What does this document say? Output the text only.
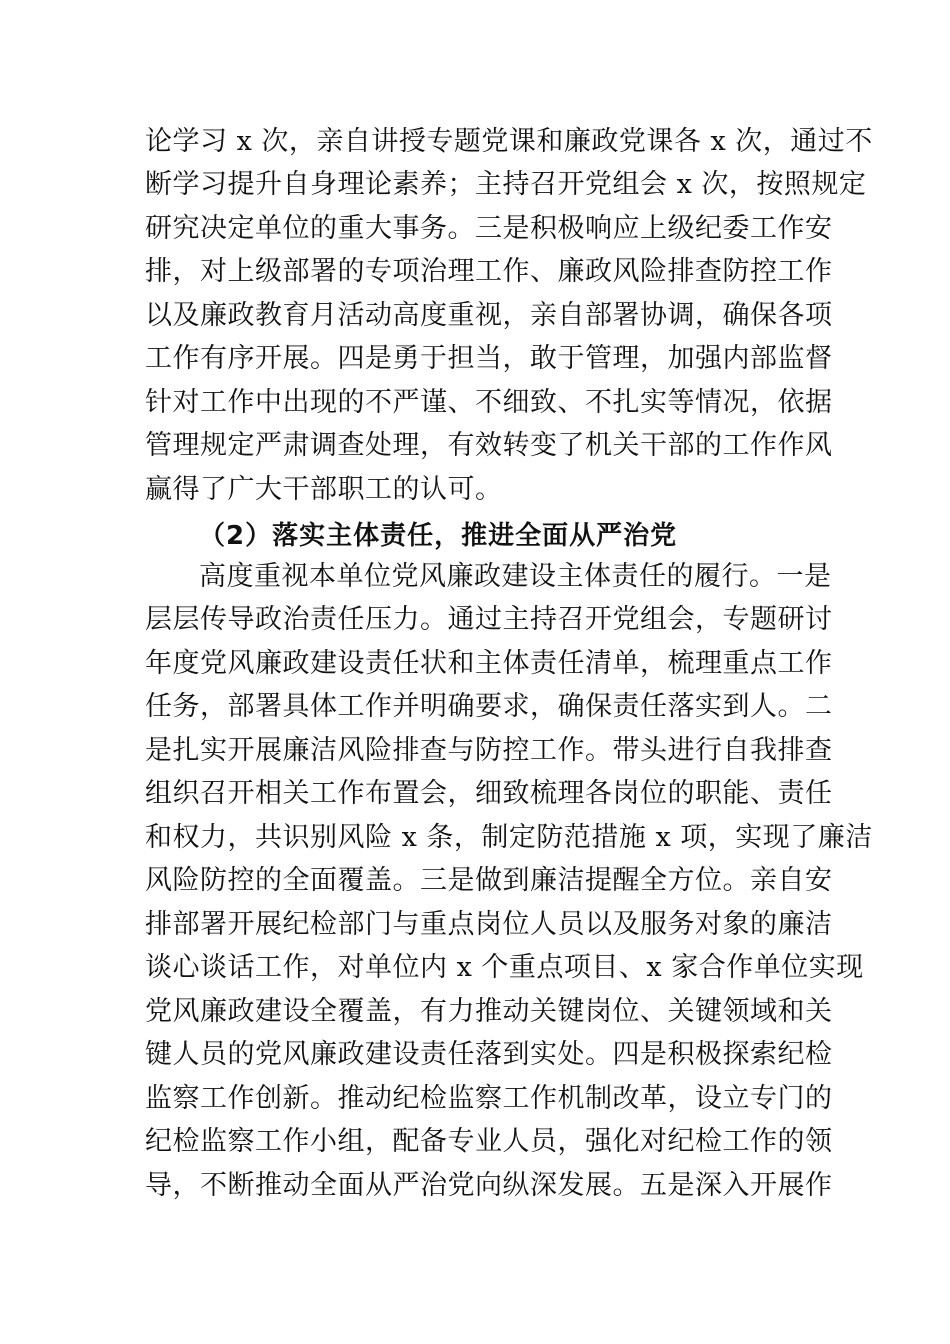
论学习 x 次，亲自讲授专题党课和廉政党课各 x 次，通过不
断学习提升自身理论素养；主持召开党组会 x 次，按照规定
研究决定单位的重大事务。三是积极响应上级纪委工作安
排，对上级部署的专项治理工作、廉政风险排查防控工作
以及廉政教育月活动高度重视，亲自部署协调，确保各项
工作有序开展。四是勇于担当，敢于管理，加强内部监督
针对工作中出现的不严谨、不细致、不扎实等情况，依据
管理规定严肃调查处理，有效转变了机关干部的工作作风
赢得了广大干部职工的认可。
（2）落实主体责任，推进全面从严治党
高度重视本单位党风廉政建设主体责任的履行。一是
层层传导政治责任压力。通过主持召开党组会，专题研讨
年度党风廉政建设责任状和主体责任清单，梳理重点工作
任务，部署具体工作并明确要求，确保责任落实到人。二
是扎实开展廉洁风险排查与防控工作。带头进行自我排查
组织召开相关工作布置会，细致梳理各岗位的职能、责任
和权力，共识别风险 x 条，制定防范措施 x 项，实现了廉洁
风险防控的全面覆盖。三是做到廉洁提醒全方位。亲自安
排部署开展纪检部门与重点岗位人员以及服务对象的廉洁
谈心谈话工作，对单位内 x 个重点项目、x 家合作单位实现
党风廉政建设全覆盖，有力推动关键岗位、关键领域和关
键人员的党风廉政建设责任落到实处。四是积极探索纪检
监察工作创新。推动纪检监察工作机制改革，设立专门的
纪检监察工作小组，配备专业人员，强化对纪检工作的领
导，不断推动全面从严治党向纵深发展。五是深入开展作
